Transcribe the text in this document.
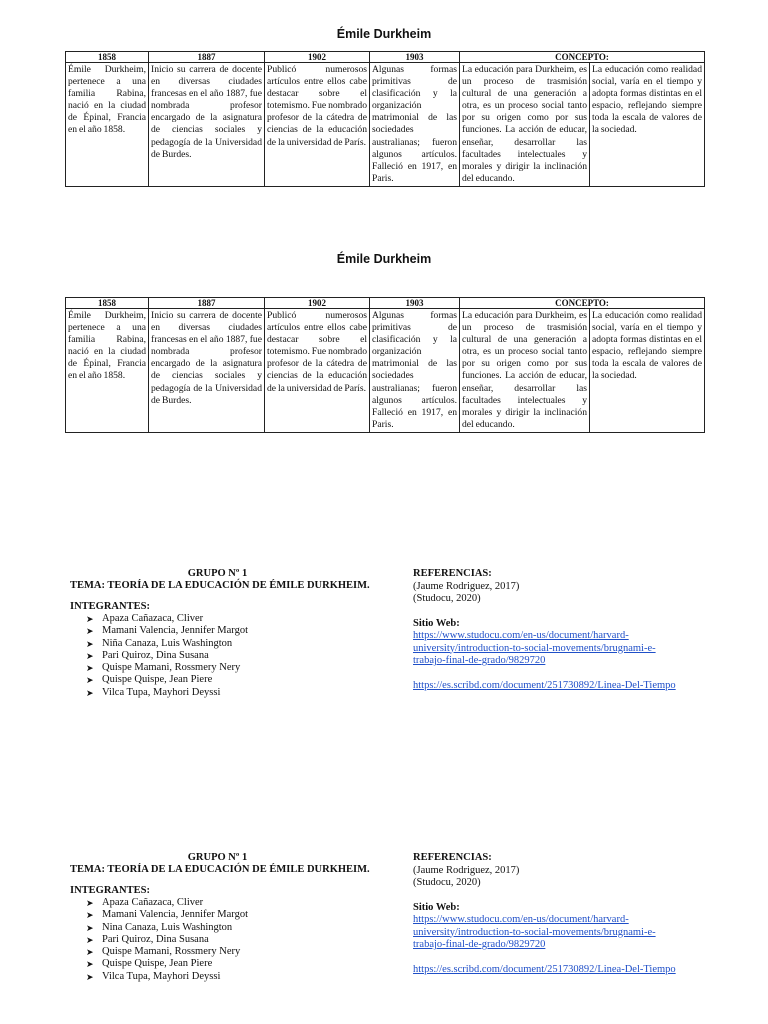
Émile Durkheim
1858	1887	1902	1903	CONCEPTO:	
Émile Durkheim, pertenece a una familia Rabina, nació en la ciudad de Épinal, Francia en el año 1858.	Inicio su carrera de docente en diversas ciudades francesas en el año 1887, fue nombrada profesor encargado de la asignatura de ciencias sociales y pedagogía de la Universidad de Burdes.	Publicó numerosos artículos entre ellos cabe destacar sobre el totemismo. Fue nombrado profesor de la cátedra de ciencias de la educación de la universidad de París.	Algunas formas primitivas de clasificación y la organización matrimonial de las sociedades australianas; fueron algunos artículos. Falleció en 1917, en Paris.	La educación para Durkheim, es un proceso de trasmisión cultural de una generación a otra, es un proceso social tanto por su origen como por sus funciones. La acción de educar, enseñar, desarrollar las facultades intelectuales y morales y dirigir la inclinación del educando.	La educación como realidad social, varía en el tiempo y adopta formas distintas en el espacio, reflejando siempre toda la escala de valores de la sociedad.
Émile Durkheim
1858	1887	1902	1903	CONCEPTO:	
Émile Durkheim, pertenece a una familia Rabina, nació en la ciudad de Épinal, Francia en el año 1858.	Inicio su carrera de docente en diversas ciudades francesas en el año 1887, fue nombrada profesor encargado de la asignatura de ciencias sociales y pedagogía de la Universidad de Burdes.	Publicó numerosos artículos entre ellos cabe destacar sobre el totemismo. Fue nombrado profesor de la cátedra de ciencias de la educación de la universidad de París.	Algunas formas primitivas de clasificación y la organización matrimonial de las sociedades australianas; fueron algunos artículos. Falleció en 1917, en Paris.	La educación para Durkheim, es un proceso de trasmisión cultural de una generación a otra, es un proceso social tanto por su origen como por sus funciones. La acción de educar, enseñar, desarrollar las facultades intelectuales y morales y dirigir la inclinación del educando.	La educación como realidad social, varía en el tiempo y adopta formas distintas en el espacio, reflejando siempre toda la escala de valores de la sociedad.
GRUPO Nº 1
TEMA: TEORÍA DE LA EDUCACIÓN DE ÉMILE DURKHEIM.
INTEGRANTES:
➤ Apaza Cañazaca, Cliver
➤ Mamani Valencia, Jennifer Margot
➤ Niña Canaza, Luis Washington
➤ Pari Quiroz, Dina Susana
➤ Quispe Mamani, Rossmery Nery
➤ Quispe Quispe, Jean Piere
➤ Vilca Tupa, Mayhori Deyssi
REFERENCIAS:
(Jaume Rodriguez, 2017)
(Studocu, 2020)
Sitio Web:
https://www.studocu.com/en-us/document/harvard-
university/introduction-to-social-movements/brugnami-e-
trabajo-final-de-grado/9829720
https://es.scribd.com/document/251730892/Linea-Del-Tiempo
GRUPO Nº 1
TEMA: TEORÍA DE LA EDUCACIÓN DE ÉMILE DURKHEIM.
INTEGRANTES:
➤ Apaza Cañazaca, Cliver
➤ Mamani Valencia, Jennifer Margot
➤ Nina Canaza, Luis Washington
➤ Pari Quiroz, Dina Susana
➤ Quispe Mamani, Rossmery Nery
➤ Quispe Quispe, Jean Piere
➤ Vilca Tupa, Mayhori Deyssi
REFERENCIAS:
(Jaume Rodriguez, 2017)
(Studocu, 2020)
Sitio Web:
https://www.studocu.com/en-us/document/harvard-
university/introduction-to-social-movements/brugnami-e-
trabajo-final-de-grado/9829720
https://es.scribd.com/document/251730892/Linea-Del-Tiempo
